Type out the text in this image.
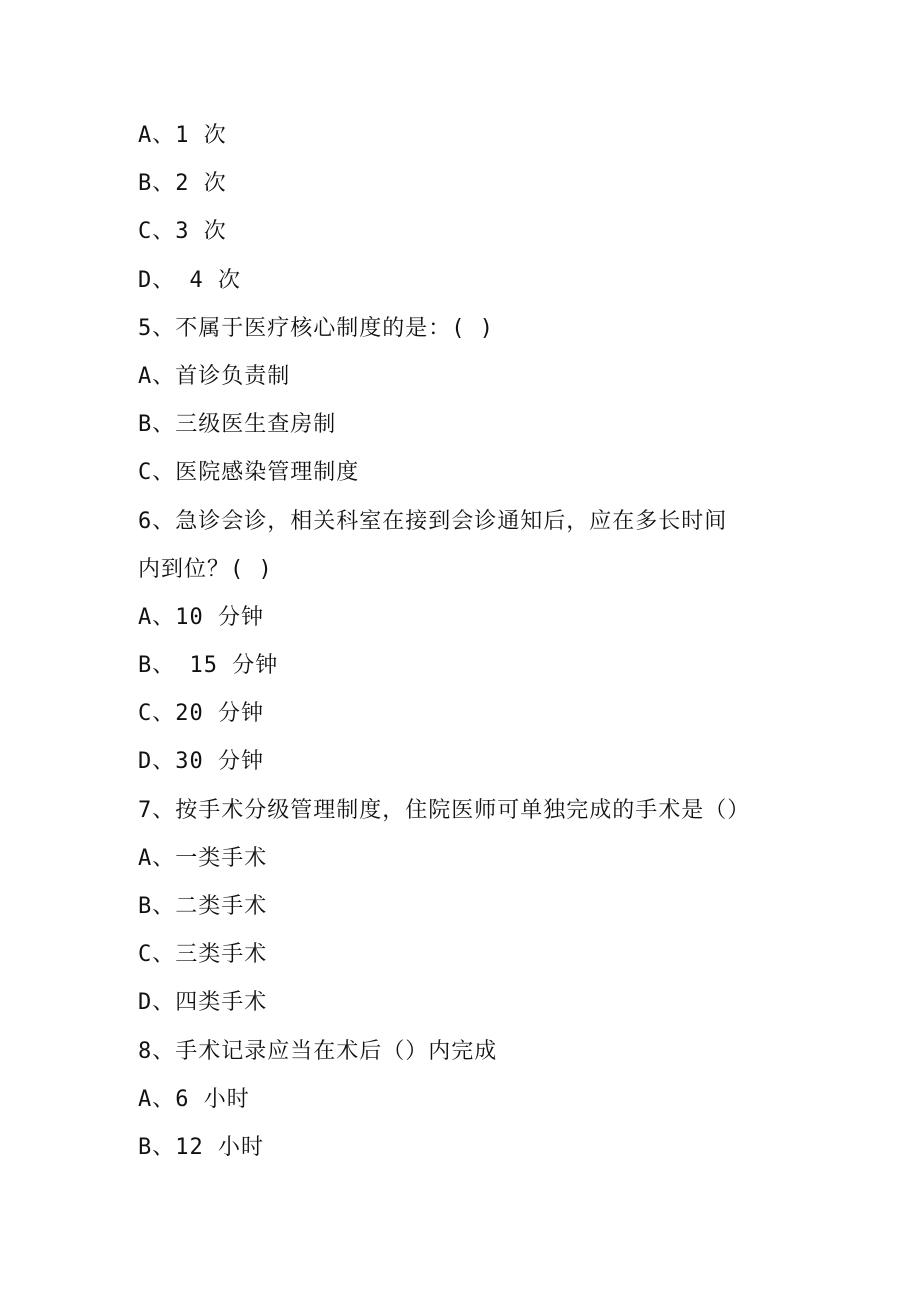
A、1 次
B、2 次
C、3 次
D、 4 次
5、不属于医疗核心制度的是：( )
A、首诊负责制
B、三级医生查房制
C、医院感染管理制度
6、急诊会诊，相关科室在接到会诊通知后，应在多长时间
内到位？( )
A、10 分钟
B、 15 分钟
C、20 分钟
D、30 分钟
7、按手术分级管理制度，住院医师可单独完成的手术是（）
A、一类手术
B、二类手术
C、三类手术
D、四类手术
8、手术记录应当在术后（）内完成
A、6 小时
B、12 小时
